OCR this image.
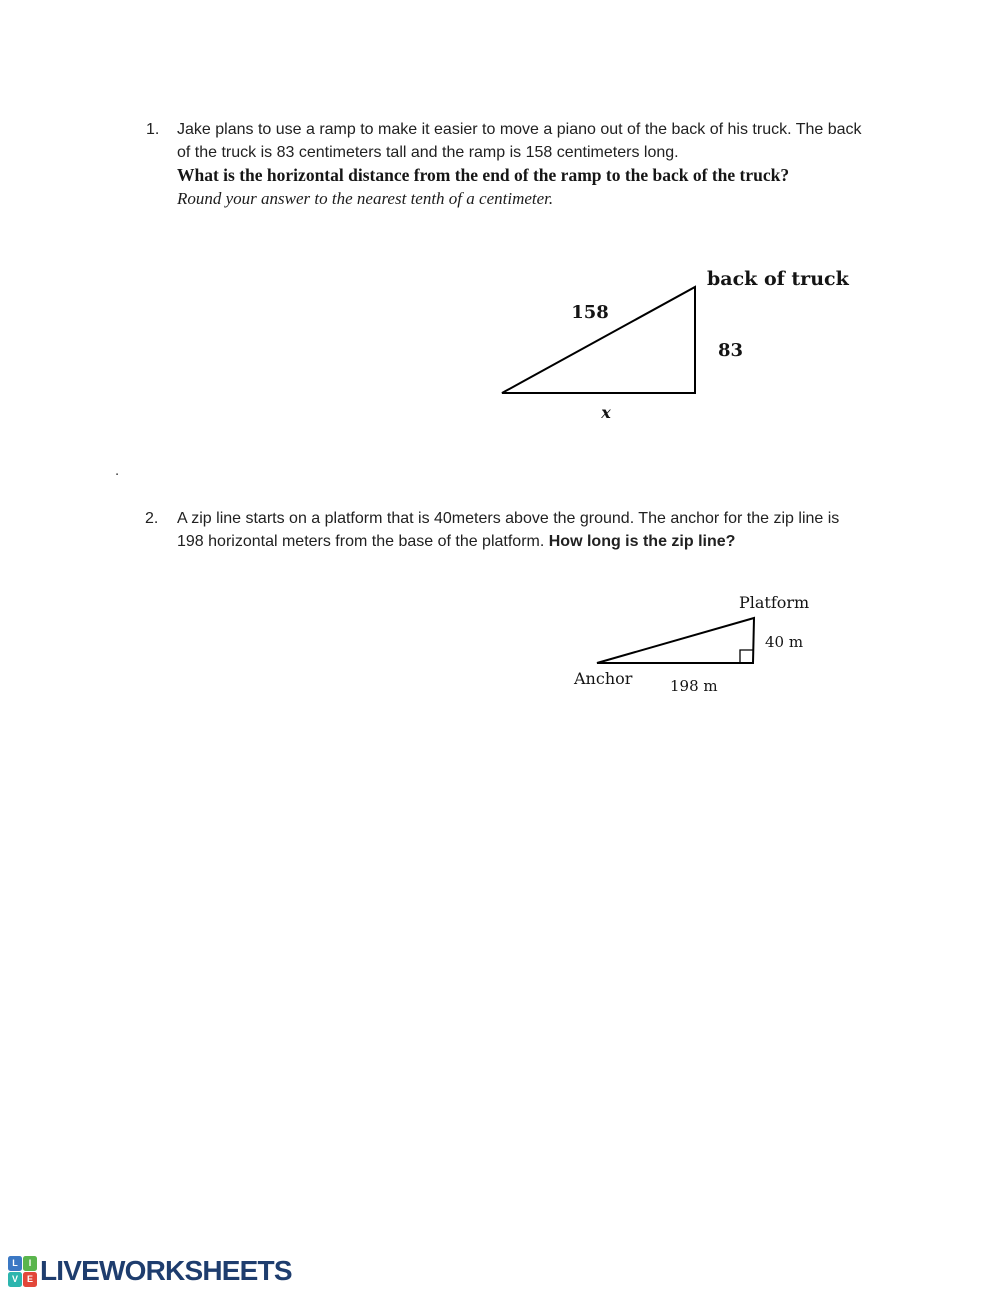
1. Jake plans to use a ramp to make it easier to move a piano out of the back of his truck. The back
of the truck is 83 centimeters tall and the ramp is 158 centimeters long.
What is the horizontal distance from the end of the ramp to the back of the truck?
Round your answer to the nearest tenth of a centimeter.
.
2. A zip line starts on a platform that is 40meters above the ground. The anchor for the zip line is
198 horizontal meters from the base of the platform. How long is the zip line?
158
back of truck
83
x
Platform
40 m
Anchor	198 m
L	I
V E LIVEWORKSHEETS
